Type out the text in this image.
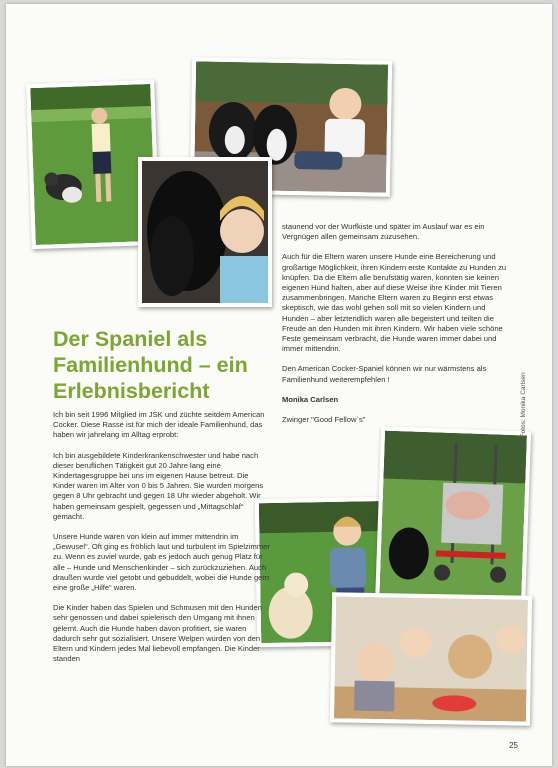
© Fotos: Monika Carlsen
Der Spaniel als Familienhund – ein Erlebnisbericht

Ich bin seit 1996 Mitglied im JSK und züchte seitdem American Cocker. Diese Rasse ist für mich der ideale Familienhund, das haben wir jahrelang im Alltag erprobt:

Ich bin ausgebildete Kinderkrankenschwester und habe nach dieser beruflichen Tätigkeit gut 20 Jahre lang eine Kindertagesgruppe bei uns im eigenen Hause betreut. Die Kinder waren im Alter von 0 bis 5 Jahren. Sie wurden morgens gegen 8 Uhr gebracht und gegen 18 Uhr wieder abgeholt. Wir haben gemeinsam gespielt, gegessen und „Mittagschlaf“ gemacht.

Unsere Hunde waren von klein auf immer mittendrin im „Gewusel“. Oft ging es fröhlich laut und turbulent im Spielzimmer zu. Wenn es zuviel wurde, gab es jedoch auch genug Platz für alle – Hunde und Menschenkinder – sich zurückzuziehen. Auch draußen wurde viel getobt und gebuddelt, wobei die Hunde gern eine große „Hilfe“ waren.

Die Kinder haben das Spielen und Schmusen mit den Hunden sehr genossen und dabei spielerisch den Umgang mit ihnen gelernt. Auch die Hunde haben davon profitiert, sie waren dadurch sehr gut sozialisiert. Unsere Welpen wurden von den Eltern und Kindern jedes Mal liebevoll empfangen. Die Kinder standen

staunend vor der Wurfkiste und später im Auslauf war es ein Vergnügen allen gemeinsam zuzusehen.

Auch für die Eltern waren unsere Hunde eine Bereicherung und großartige Möglichkeit, ihren Kindern erste Kontakte zu Hunden zu knüpfen. Da die Eltern alle berufstätig waren, konnten sie keinen eigenen Hund halten, aber auf diese Weise ihre Kinder mit Tieren zusammenbringen. Manche Eltern waren zu Beginn erst etwas skeptisch, wie das wohl gehen soll mit so vielen Kindern und Hunden – aber letztendlich waren alle begeistert und teilten die Freude an den Hunden mit ihren Kindern. Wir haben viele schöne Feste gemeinsam verbracht, die Hunde waren immer dabei und immer mittendrin.

Den American Cocker-Spaniel können wir nur wärmstens als Familienhund weiterempfehlen !

Monika Carlsen

Zwinger "Good Fellow`s"

25
